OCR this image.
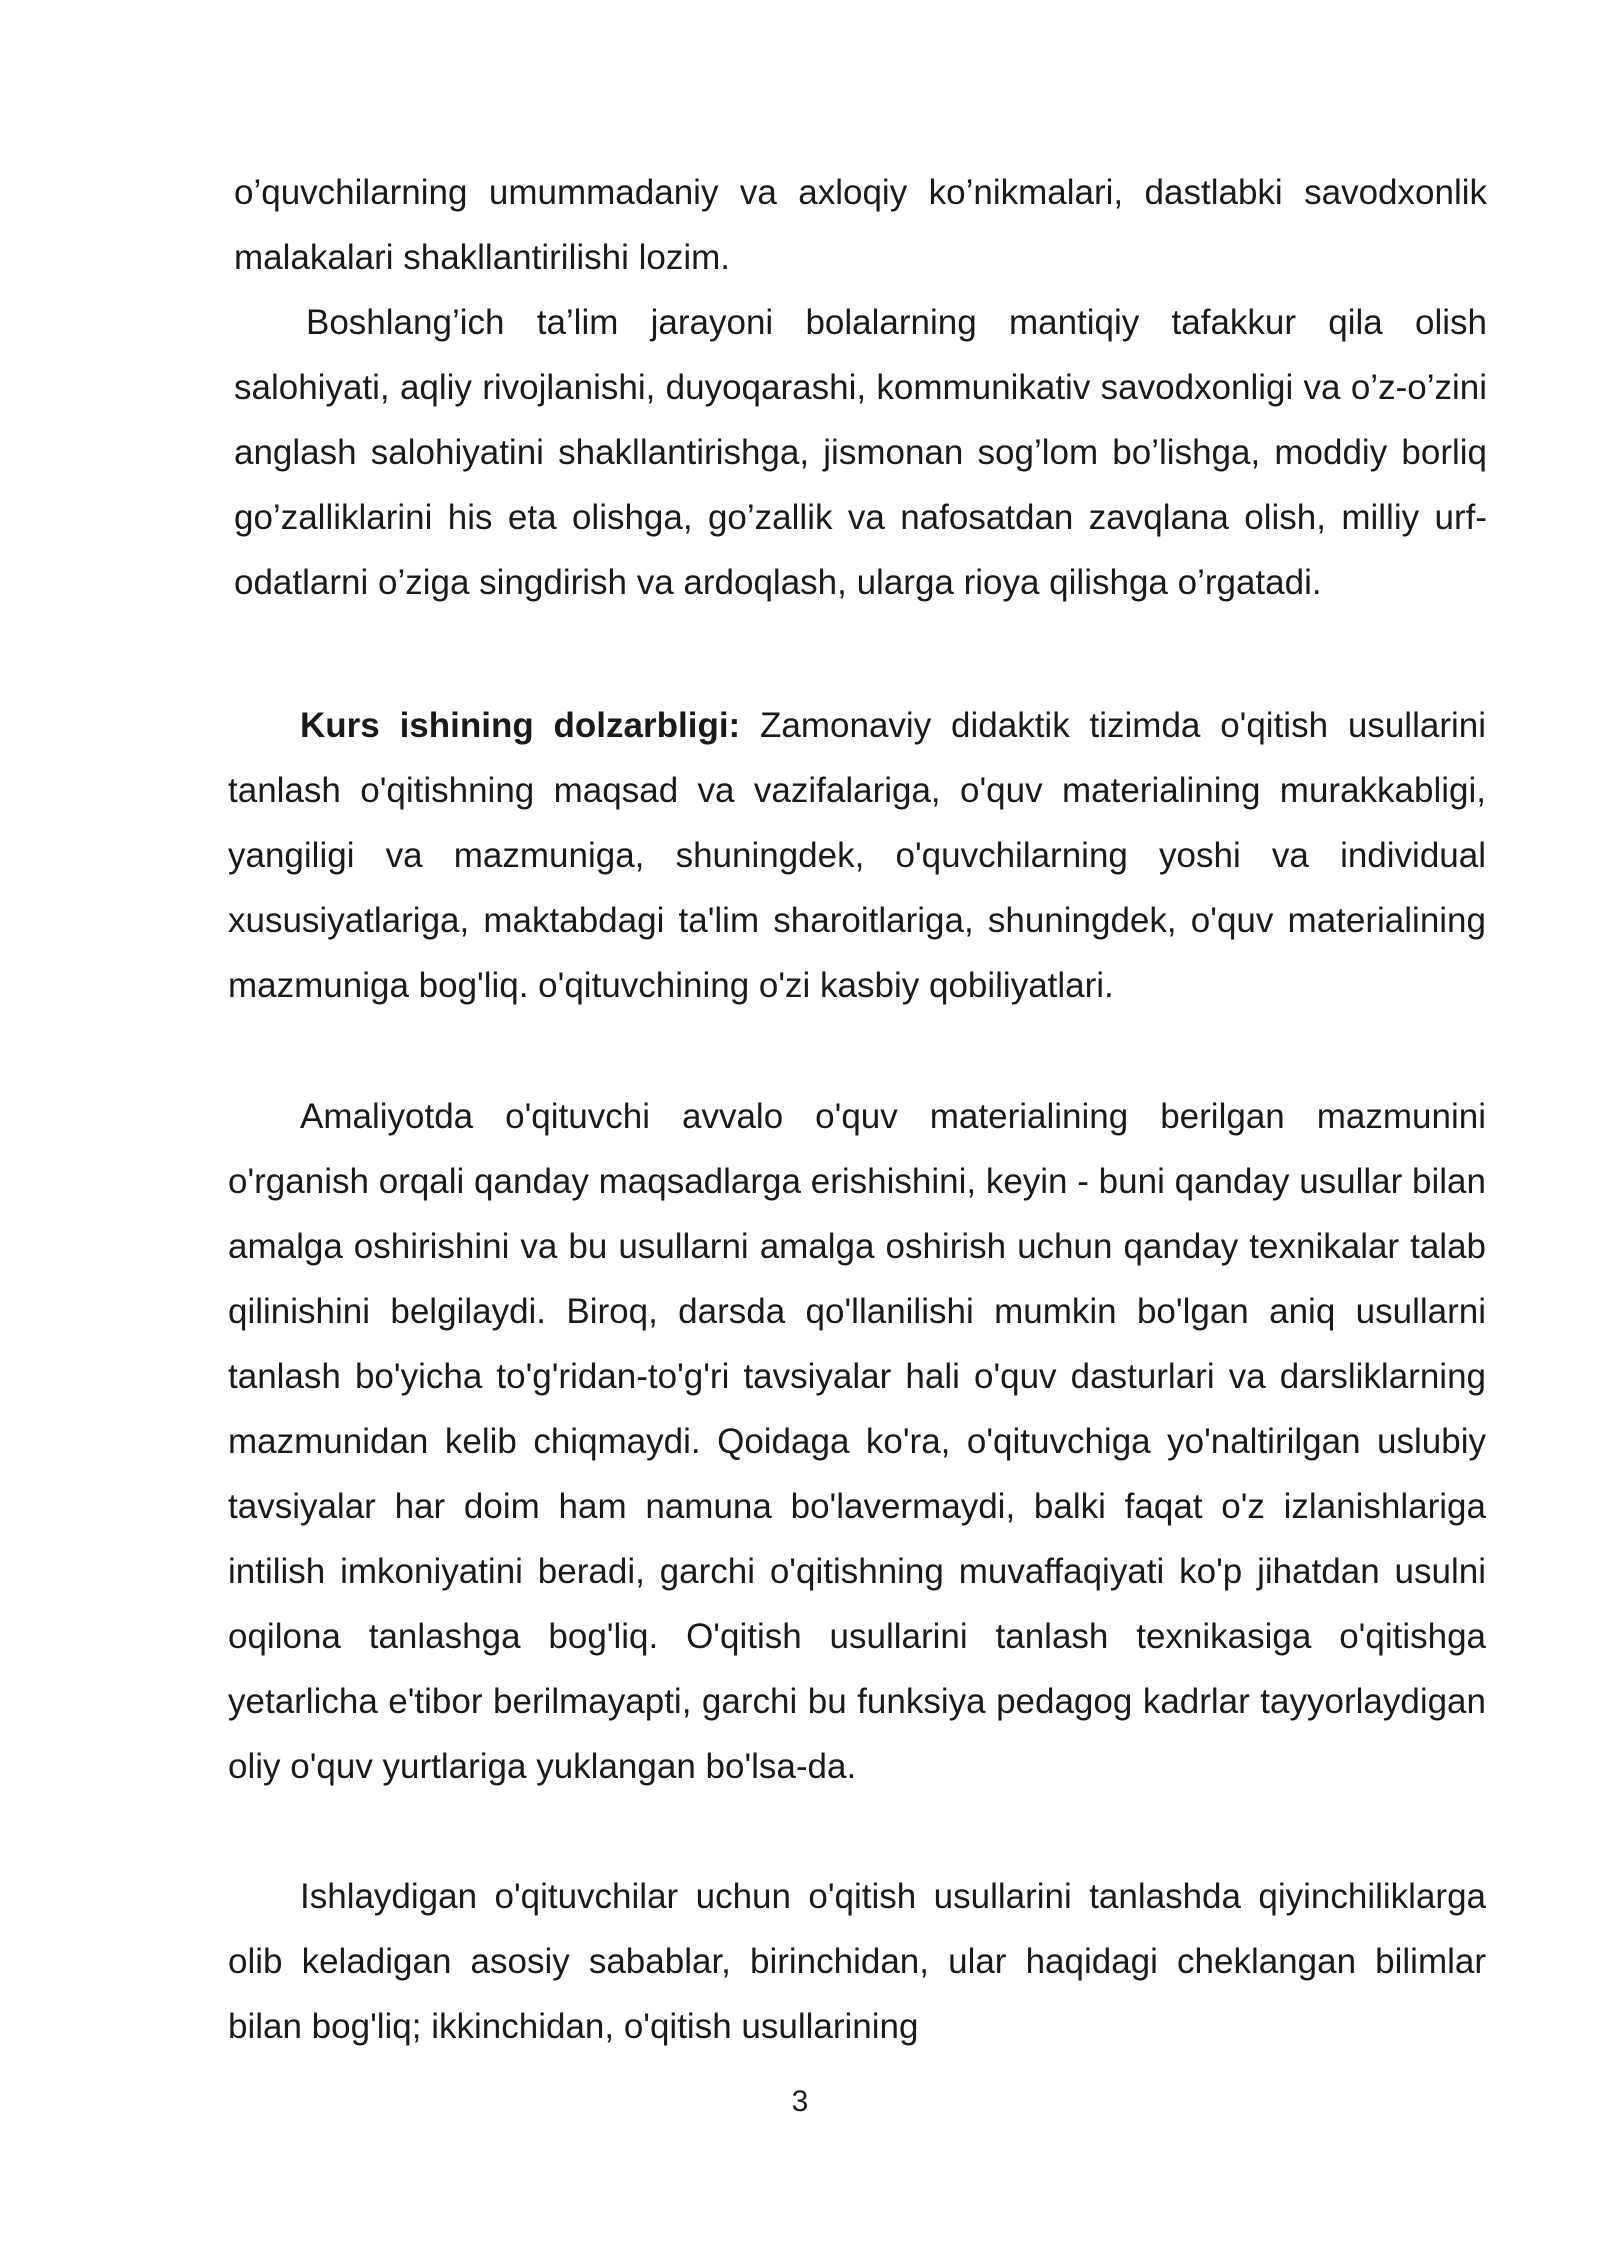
o’quvchilarning umummadaniy va axloqiy ko’nikmalari, dastlabki savodxonlik malakalari shakllantirilishi lozim.

Boshlang’ich ta’lim jarayoni bolalarning mantiqiy tafakkur qila olish salohiyati, aqliy rivojlanishi, duyoqarashi, kommunikativ savodxonligi va o’z-o’zini anglash salohiyatini shakllantirishga, jismonan sog’lom bo’lishga, moddiy borliq go’zalliklarini his eta olishga, go’zallik va nafosatdan zavqlana olish, milliy urf-odatlarni o’ziga singdirish va ardoqlash, ularga rioya qilishga o’rgatadi.

Kurs ishining dolzarbligi: Zamonaviy didaktik tizimda o'qitish usullarini tanlash o'qitishning maqsad va vazifalariga, o'quv materialining murakkabligi, yangiligi va mazmuniga, shuningdek, o'quvchilarning yoshi va individual xususiyatlariga, maktabdagi ta'lim sharoitlariga, shuningdek, o'quv materialining mazmuniga bog'liq. o'qituvchining o'zi kasbiy qobiliyatlari.

Amaliyotda o'qituvchi avvalo o'quv materialining berilgan mazmunini o'rganish orqali qanday maqsadlarga erishishini, keyin - buni qanday usullar bilan amalga oshirishini va bu usullarni amalga oshirish uchun qanday texnikalar talab qilinishini belgilaydi. Biroq, darsda qo'llanilishi mumkin bo'lgan aniq usullarni tanlash bo'yicha to'g'ridan-to'g'ri tavsiyalar hali o'quv dasturlari va darsliklarning mazmunidan kelib chiqmaydi. Qoidaga ko'ra, o'qituvchiga yo'naltirilgan uslubiy tavsiyalar har doim ham namuna bo'lavermaydi, balki faqat o'z izlanishlariga intilish imkoniyatini beradi, garchi o'qitishning muvaffaqiyati ko'p jihatdan usulni oqilona tanlashga bog'liq. O'qitish usullarini tanlash texnikasiga o'qitishga yetarlicha e'tibor berilmayapti, garchi bu funksiya pedagog kadrlar tayyorlaydigan oliy o'quv yurtlariga yuklangan bo'lsa-da.

Ishlaydigan o'qituvchilar uchun o'qitish usullarini tanlashda qiyinchiliklarga olib keladigan asosiy sabablar, birinchidan, ular haqidagi cheklangan bilimlar bilan bog'liq; ikkinchidan, o'qitish usullarining

3
